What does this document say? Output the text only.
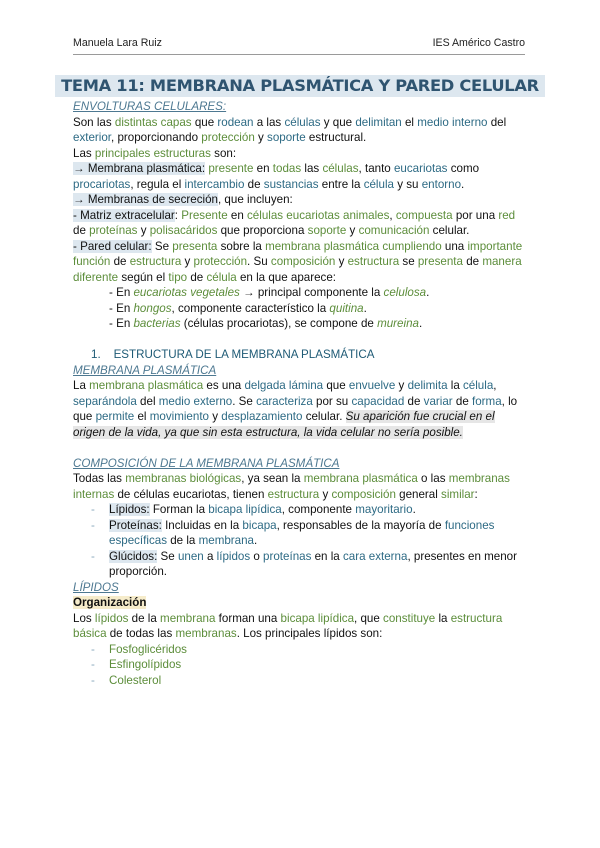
Manuela Lara Ruiz	IES Américo Castro
TEMA 11: MEMBRANA PLASMÁTICA Y PARED CELULAR

ENVOLTURAS CELULARES:

Son las distintas capas que rodean a las células y que delimitan el medio interno del exterior, proporcionando protección y soporte estructural.

Las principales estructuras son:

→ Membrana plasmática: presente en todas las células, tanto eucariotas como procariotas, regula el intercambio de sustancias entre la célula y su entorno.

→ Membranas de secreción, que incluyen:

- Matriz extracelular: Presente en células eucariotas animales, compuesta por una red de proteínas y polisacáridos que proporciona soporte y comunicación celular.

- Pared celular: Se presenta sobre la membrana plasmática cumpliendo una importante función de estructura y protección. Su composición y estructura se presenta de manera diferente según el tipo de célula en la que aparece:

- En eucariotas vegetales → principal componente la celulosa.

- En hongos, componente característico la quitina.

- En bacterias (células procariotas), se compone de mureina.

1. ESTRUCTURA DE LA MEMBRANA PLASMÁTICA

MEMBRANA PLASMÁTICA

La membrana plasmática es una delgada lámina que envuelve y delimita la célula, separándola del medio externo. Se caracteriza por su capacidad de variar de forma, lo que permite el movimiento y desplazamiento celular. Su aparición fue crucial en el origen de la vida, ya que sin esta estructura, la vida celular no sería posible.

COMPOSICIÓN DE LA MEMBRANA PLASMÁTICA

Todas las membranas biológicas, ya sean la membrana plasmática o las membranas internas de células eucariotas, tienen estructura y composición general similar:

- Lípidos: Forman la bicapa lipídica, componente mayoritario.
- Proteínas: Incluidas en la bicapa, responsables de la mayoría de funciones específicas de la membrana.
- Glúcidos: Se unen a lípidos o proteínas en la cara externa, presentes en menor proporción.

LÍPIDOS

Organización

Los lípidos de la membrana forman una bicapa lipídica, que constituye la estructura básica de todas las membranas. Los principales lípidos son:

- Fosfoglicéridos
- Esfingolípidos
- Colesterol
